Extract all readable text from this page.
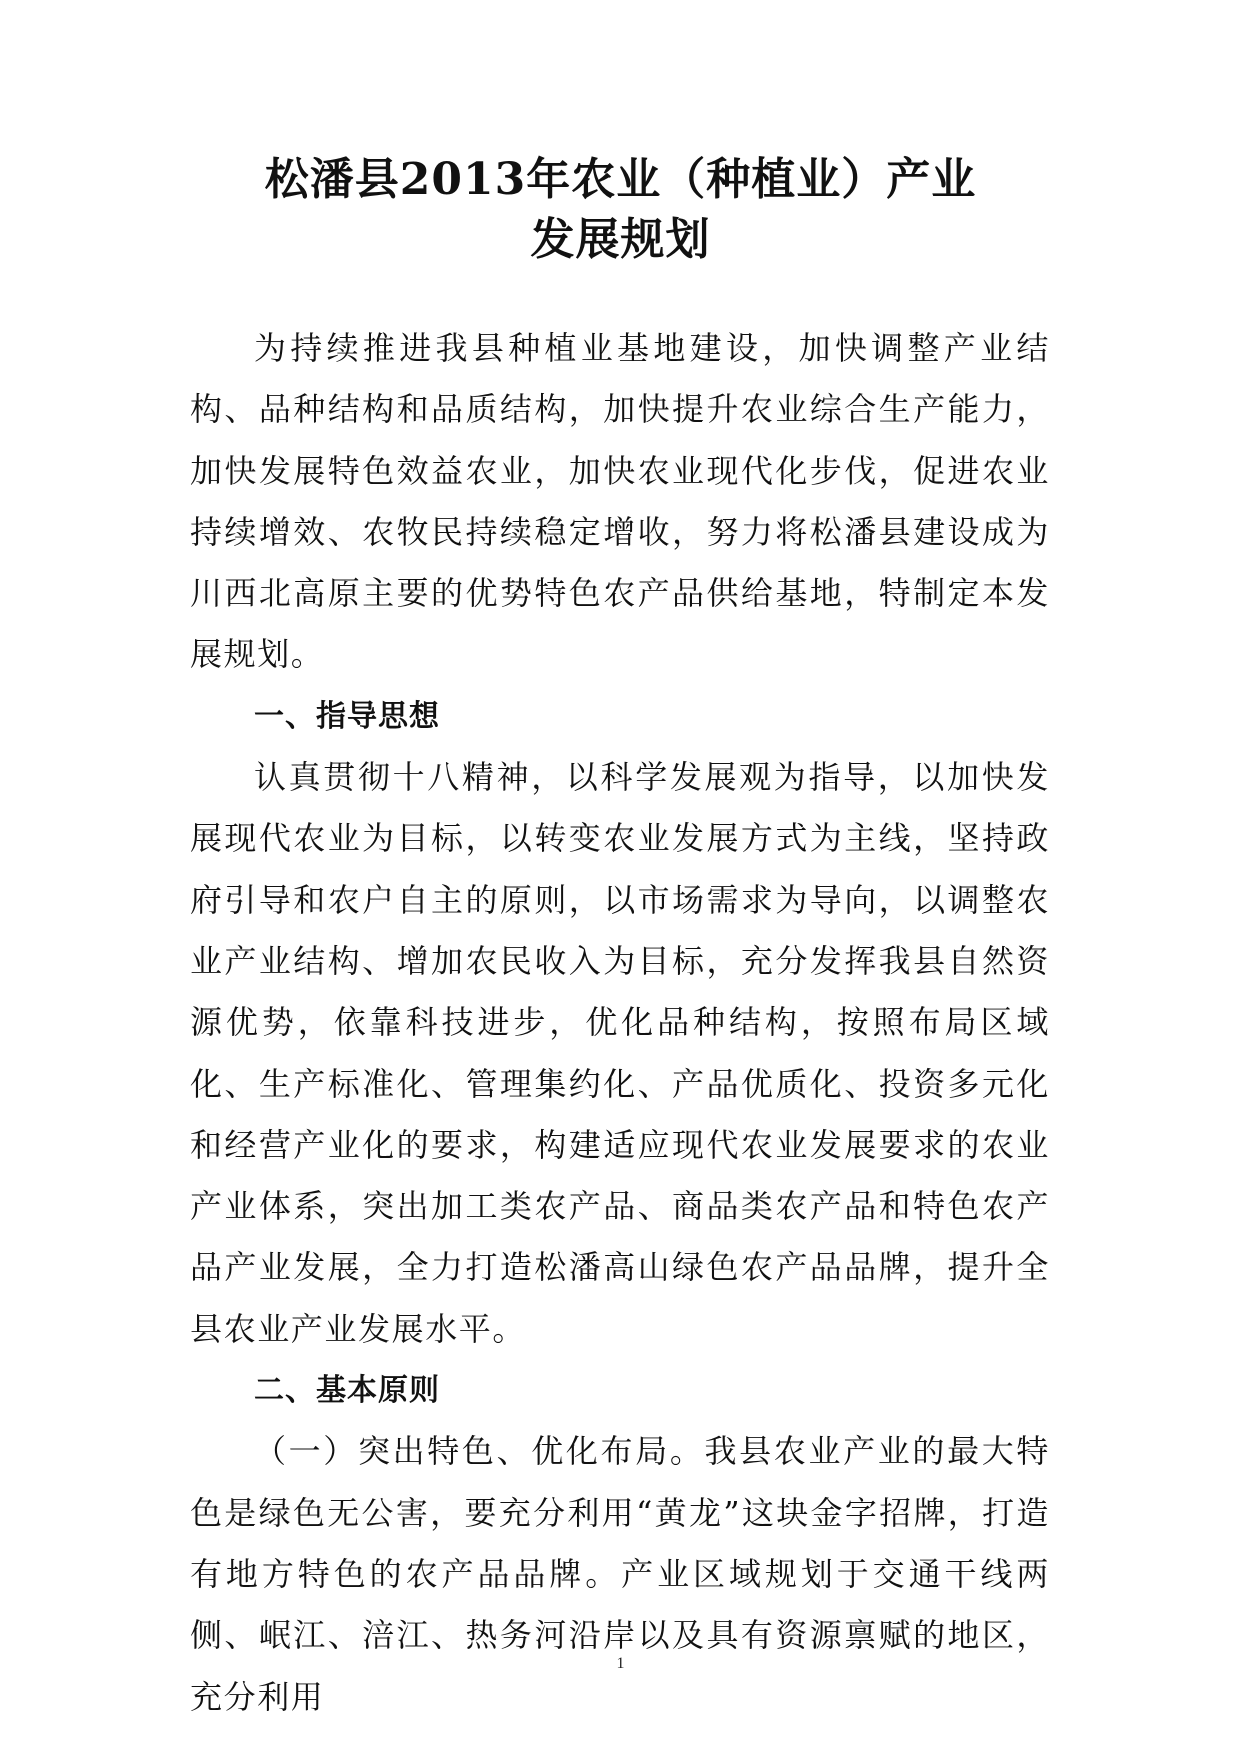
松潘县2013年农业（种植业）产业
发展规划

为持续推进我县种植业基地建设，加快调整产业结构、品种结构和品质结构，加快提升农业综合生产能力，加快发展特色效益农业，加快农业现代化步伐，促进农业持续增效、农牧民持续稳定增收，努力将松潘县建设成为川西北高原主要的优势特色农产品供给基地，特制定本发展规划。

一、指导思想

认真贯彻十八精神，以科学发展观为指导，以加快发展现代农业为目标，以转变农业发展方式为主线，坚持政府引导和农户自主的原则，以市场需求为导向，以调整农业产业结构、增加农民收入为目标，充分发挥我县自然资源优势，依靠科技进步，优化品种结构，按照布局区域化、生产标准化、管理集约化、产品优质化、投资多元化和经营产业化的要求，构建适应现代农业发展要求的农业产业体系，突出加工类农产品、商品类农产品和特色农产品产业发展，全力打造松潘高山绿色农产品品牌，提升全县农业产业发展水平。

二、基本原则

（一）突出特色、优化布局。我县农业产业的最大特色是绿色无公害，要充分利用“黄龙”这块金字招牌，打造有地方特色的农产品品牌。产业区域规划于交通干线两侧、岷江、涪江、热务河沿岸以及具有资源禀赋的地区，充分利用

1
